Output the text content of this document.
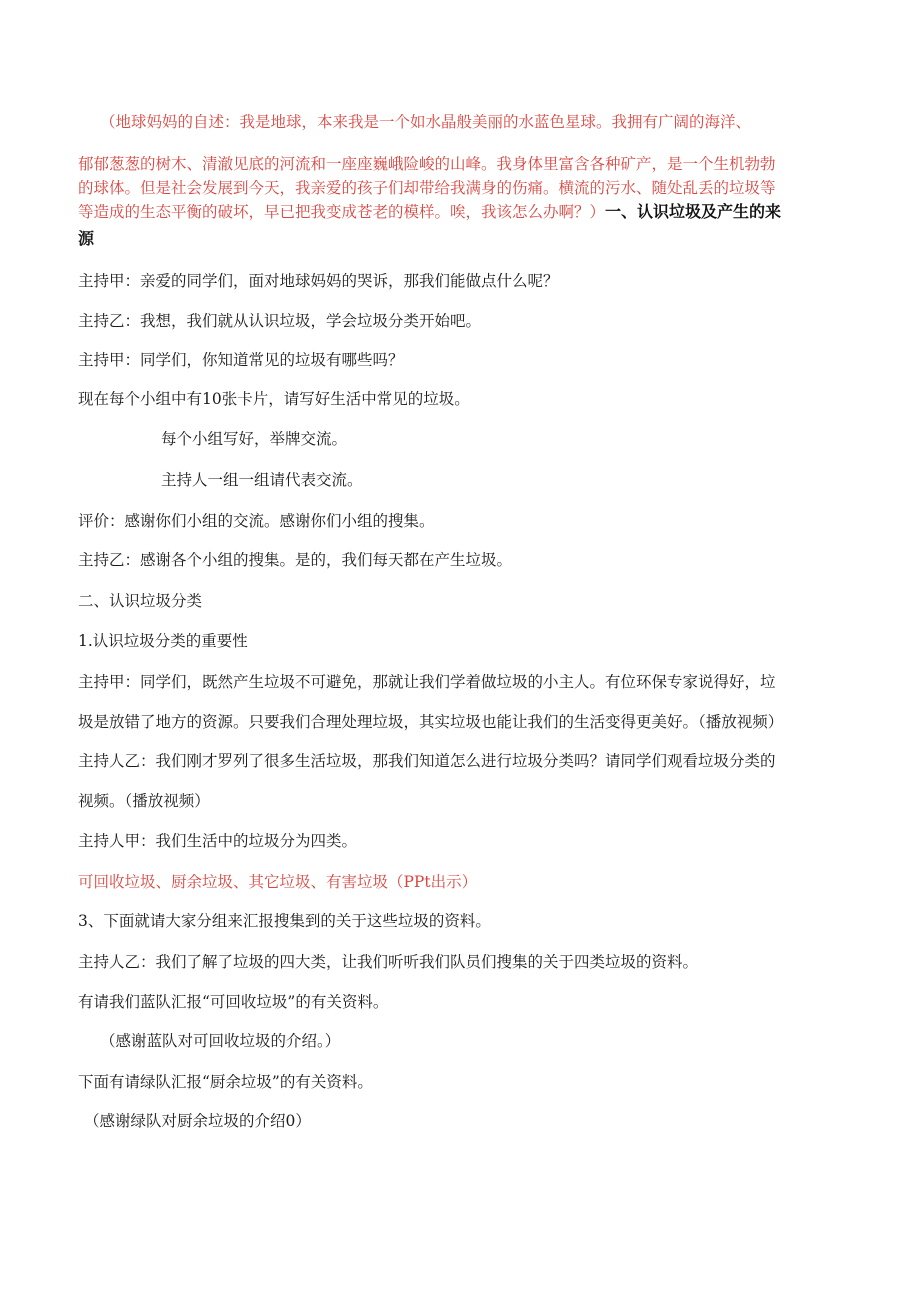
（地球妈妈的自述：我是地球，本来我是一个如水晶般美丽的水蓝色星球。我拥有广阔的海洋、
郁郁葱葱的树木、清澈见底的河流和一座座巍峨险峻的山峰。我身体里富含各种矿产，是一个生机勃勃
的球体。但是社会发展到今天，我亲爱的孩子们却带给我满身的伤痛。横流的污水、随处乱丢的垃圾等
等造成的生态平衡的破坏，早已把我变成苍老的模样。唉，我该怎么办啊？）一、认识垃圾及产生的来
源
主持甲：亲爱的同学们，面对地球妈妈的哭诉，那我们能做点什么呢？
主持乙：我想，我们就从认识垃圾，学会垃圾分类开始吧。
主持甲：同学们，你知道常见的垃圾有哪些吗？
现在每个小组中有10张卡片，请写好生活中常见的垃圾。
每个小组写好，举牌交流。
主持人一组一组请代表交流。
评价：感谢你们小组的交流。感谢你们小组的搜集。
主持乙：感谢各个小组的搜集。是的，我们每天都在产生垃圾。
二、认识垃圾分类
1.认识垃圾分类的重要性
主持甲：同学们，既然产生垃圾不可避免，那就让我们学着做垃圾的小主人。有位环保专家说得好，垃
圾是放错了地方的资源。只要我们合理处理垃圾，其实垃圾也能让我们的生活变得更美好。（播放视频）
主持人乙：我们刚才罗列了很多生活垃圾，那我们知道怎么进行垃圾分类吗？请同学们观看垃圾分类的
视频。（播放视频）
主持人甲：我们生活中的垃圾分为四类。
可回收垃圾、厨余垃圾、其它垃圾、有害垃圾（PPt出示）
3、下面就请大家分组来汇报搜集到的关于这些垃圾的资料。
主持人乙：我们了解了垃圾的四大类，让我们听听我们队员们搜集的关于四类垃圾的资料。
有请我们蓝队汇报“可回收垃圾”的有关资料。
（感谢蓝队对可回收垃圾的介绍。）
下面有请绿队汇报“厨余垃圾”的有关资料。
（感谢绿队对厨余垃圾的介绍0）
